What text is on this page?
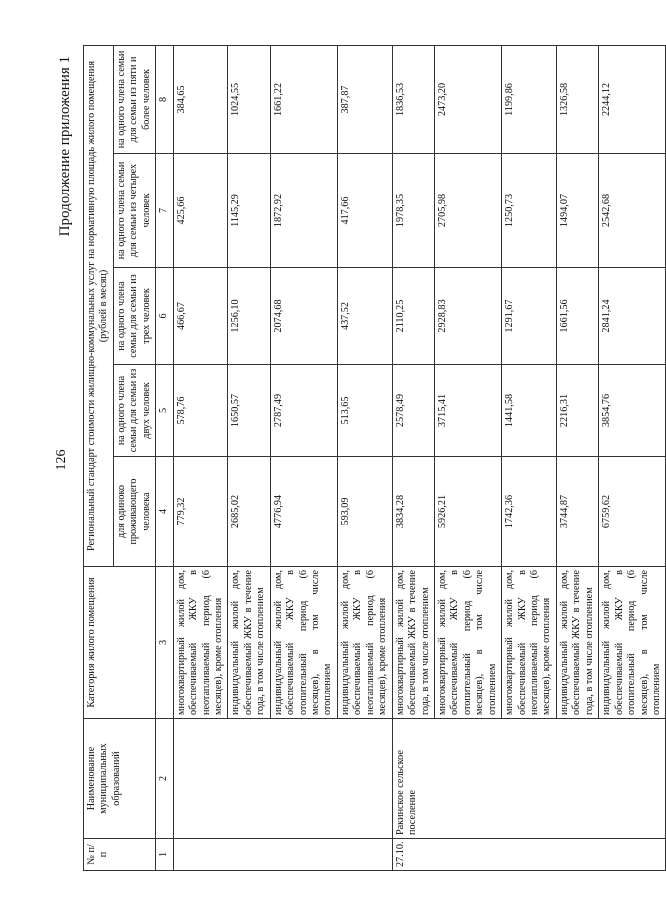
126
Продолжение приложения 1
№ п/п	Наименование муниципальных образований	Категория жилого помещения	Региональный стандарт стоимости жилищно-коммунальных услуг на нормативную площадь жилого помещения (рублей в месяц)				
			для одиноко проживающего человека	на одного члена семьи для семьи из двух человек	на одного члена семьи для семьи из трех человек	на одного члена семьи для семьи из четырех человек	на одного члена семьи для семьи из пяти и более человек
1	2	3	4	5	6	7	8
		многоквартирный жилой дом, обеспечиваемый ЖКУ в неотапливаемый период (6 месяцев), кроме отопления	779,32	578,76	466,67	425,66	384,65
		индивидуальный жилой дом, обеспечиваемый ЖКУ в течение года, в том числе отоплением	2685,02	1650,57	1256,10	1145,29	1024,55
		индивидуальный жилой дом, обеспечиваемый ЖКУ в отопительный период (6 месяцев), в том числе отоплением	4776,94	2787,49	2074,68	1872,92	1661,22
		индивидуальный жилой дом, обеспечиваемый ЖКУ в неотапливаемый период (6 месяцев), кроме отопления	593,09	513,65	437,52	417,66	387,87
27.10.	Ракинское сельское поселение	многоквартирный жилой дом, обеспечиваемый ЖКУ в течение года, в том числе отоплением	3834,28	2578,49	2110,25	1978,35	1836,53
		многоквартирный жилой дом, обеспечиваемый ЖКУ в отопительный период (6 месяцев), в том числе отоплением	5926,21	3715,41	2928,83	2705,98	2473,20
		многоквартирный жилой дом, обеспечиваемый ЖКУ в неотапливаемый период (6 месяцев), кроме отопления	1742,36	1441,58	1291,67	1250,73	1199,86
		индивидуальный жилой дом, обеспечиваемый ЖКУ в течение года, в том числе отоплением	3744,87	2216,31	1661,56	1494,07	1326,58
		индивидуальный жилой дом, обеспечиваемый ЖКУ в отопительный период (6 месяцев), в том числе отоплением	6759,62	3854,76	2841,24	2542,68	2244,12
